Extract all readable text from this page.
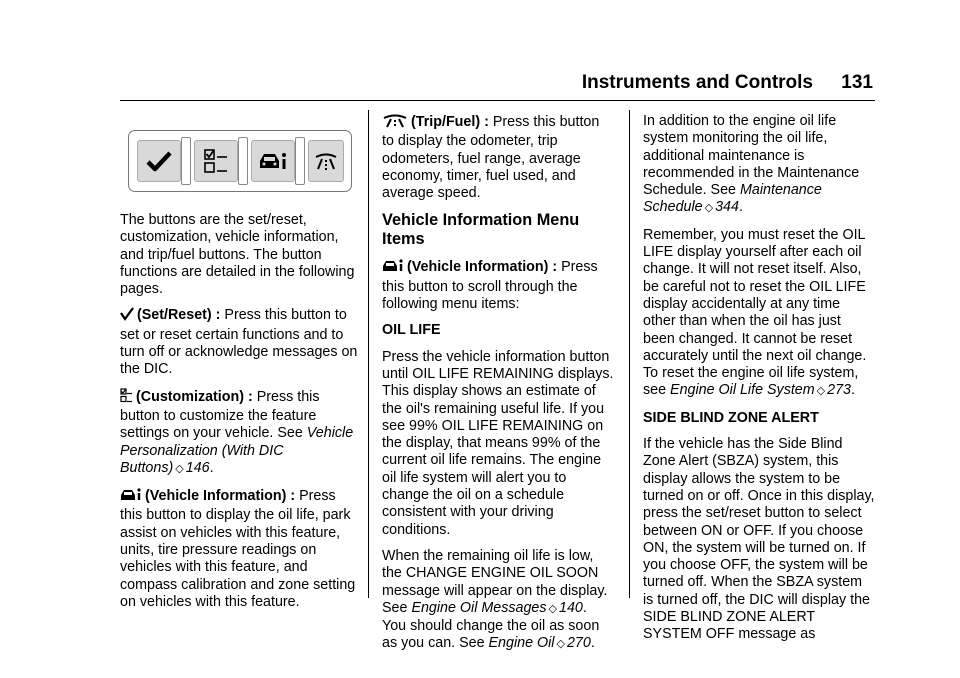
Instruments and Controls 131

The buttons are the set/reset, customization, vehicle information, and trip/fuel buttons. The button functions are detailed in the following pages.

(Set/Reset) : Press this button to set or reset certain functions and to turn off or acknowledge messages on the DIC.

(Customization) : Press this button to customize the feature settings on your vehicle. See Vehicle Personalization (With DIC Buttons) ◇ 146.

(Vehicle Information) : Press this button to display the oil life, park assist on vehicles with this feature, units, tire pressure readings on vehicles with this feature, and compass calibration and zone setting on vehicles with this feature.

(Trip/Fuel) : Press this button to display the odometer, trip odometers, fuel range, average economy, timer, fuel used, and average speed.

Vehicle Information Menu Items

(Vehicle Information) : Press this button to scroll through the following menu items:

OIL LIFE

Press the vehicle information button until OIL LIFE REMAINING displays. This display shows an estimate of the oil's remaining useful life. If you see 99% OIL LIFE REMAINING on the display, that means 99% of the current oil life remains. The engine oil life system will alert you to change the oil on a schedule consistent with your driving conditions.

When the remaining oil life is low, the CHANGE ENGINE OIL SOON message will appear on the display. See Engine Oil Messages ◇ 140. You should change the oil as soon as you can. See Engine Oil ◇ 270.

In addition to the engine oil life system monitoring the oil life, additional maintenance is recommended in the Maintenance Schedule. See Maintenance Schedule ◇ 344.

Remember, you must reset the OIL LIFE display yourself after each oil change. It will not reset itself. Also, be careful not to reset the OIL LIFE display accidentally at any time other than when the oil has just been changed. It cannot be reset accurately until the next oil change. To reset the engine oil life system, see Engine Oil Life System ◇ 273.

SIDE BLIND ZONE ALERT

If the vehicle has the Side Blind Zone Alert (SBZA) system, this display allows the system to be turned on or off. Once in this display, press the set/reset button to select between ON or OFF. If you choose ON, the system will be turned on. If you choose OFF, the system will be turned off. When the SBZA system is turned off, the DIC will display the SIDE BLIND ZONE ALERT SYSTEM OFF message as
